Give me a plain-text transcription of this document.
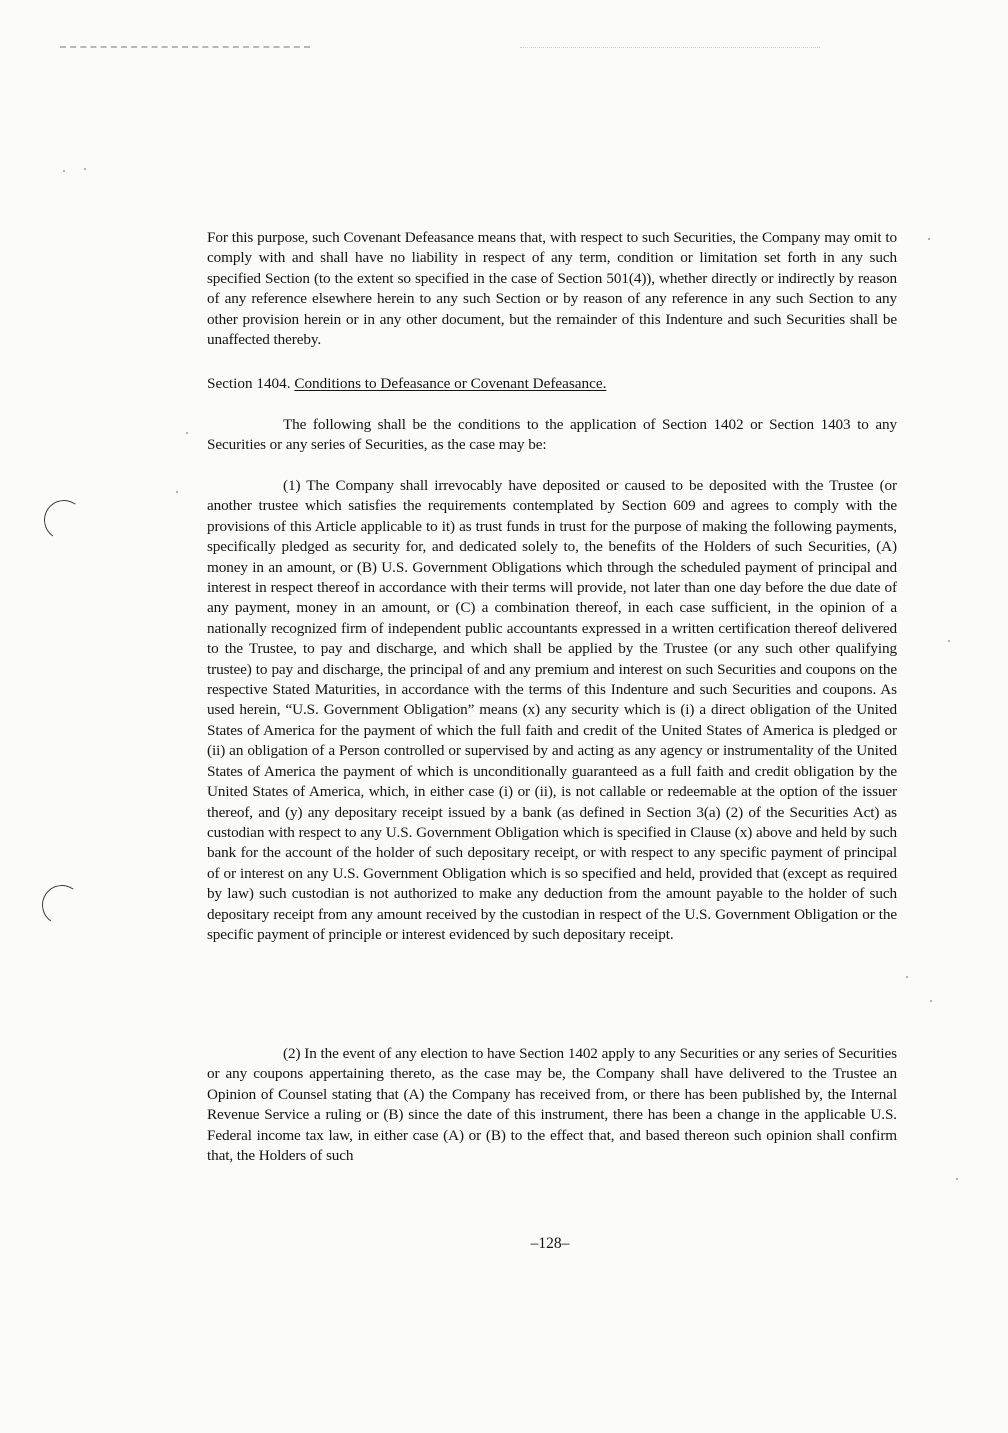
For this purpose, such Covenant Defeasance means that, with respect to such Securities, the Company may omit to comply with and shall have no liability in respect of any term, condition or limitation set forth in any such specified Section (to the extent so specified in the case of Section 501(4)), whether directly or indirectly by reason of any reference elsewhere herein to any such Section or by reason of any reference in any such Section to any other provision herein or in any other document, but the remainder of this Indenture and such Securities shall be unaffected thereby.

Section 1404. Conditions to Defeasance or Covenant Defeasance.

The following shall be the conditions to the application of Section 1402 or Section 1403 to any Securities or any series of Securities, as the case may be:

(1) The Company shall irrevocably have deposited or caused to be deposited with the Trustee (or another trustee which satisfies the requirements contemplated by Section 609 and agrees to comply with the provisions of this Article applicable to it) as trust funds in trust for the purpose of making the following payments, specifically pledged as security for, and dedicated solely to, the benefits of the Holders of such Securities, (A) money in an amount, or (B) U.S. Government Obligations which through the scheduled payment of principal and interest in respect thereof in accordance with their terms will provide, not later than one day before the due date of any payment, money in an amount, or (C) a combination thereof, in each case sufficient, in the opinion of a nationally recognized firm of independent public accountants expressed in a written certification thereof delivered to the Trustee, to pay and discharge, and which shall be applied by the Trustee (or any such other qualifying trustee) to pay and discharge, the principal of and any premium and interest on such Securities and coupons on the respective Stated Maturities, in accordance with the terms of this Indenture and such Securities and coupons. As used herein, “U.S. Government Obligation” means (x) any security which is (i) a direct obligation of the United States of America for the payment of which the full faith and credit of the United States of America is pledged or (ii) an obligation of a Person controlled or supervised by and acting as any agency or instrumentality of the United States of America the payment of which is unconditionally guaranteed as a full faith and credit obligation by the United States of America, which, in either case (i) or (ii), is not callable or redeemable at the option of the issuer thereof, and (y) any depositary receipt issued by a bank (as defined in Section 3(a) (2) of the Securities Act) as custodian with respect to any U.S. Government Obligation which is specified in Clause (x) above and held by such bank for the account of the holder of such depositary receipt, or with respect to any specific payment of principal of or interest on any U.S. Government Obligation which is so specified and held, provided that (except as required by law) such custodian is not authorized to make any deduction from the amount payable to the holder of such depositary receipt from any amount received by the custodian in respect of the U.S. Government Obligation or the specific payment of principle or interest evidenced by such depositary receipt.

(2) In the event of any election to have Section 1402 apply to any Securities or any series of Securities or any coupons appertaining thereto, as the case may be, the Company shall have delivered to the Trustee an Opinion of Counsel stating that (A) the Company has received from, or there has been published by, the Internal Revenue Service a ruling or (B) since the date of this instrument, there has been a change in the applicable U.S. Federal income tax law, in either case (A) or (B) to the effect that, and based thereon such opinion shall confirm that, the Holders of such

–128–
